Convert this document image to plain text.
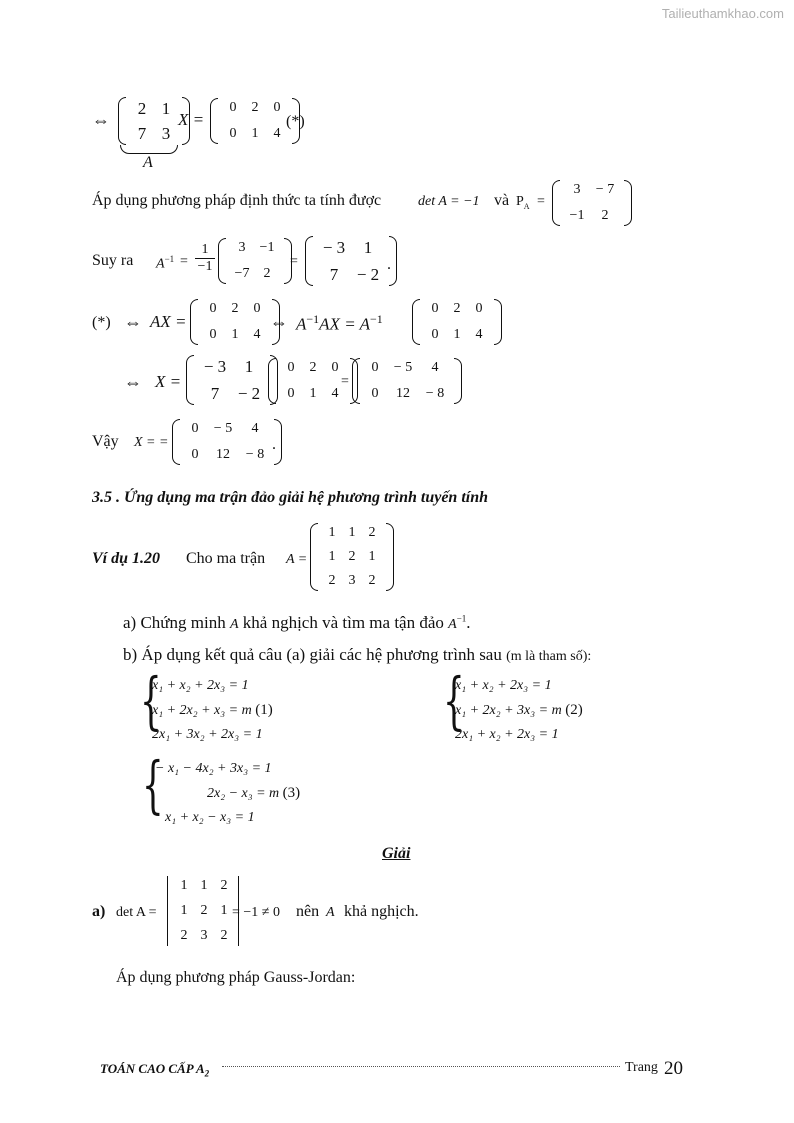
Tailieuthamkhao.com
⇔
2 1
7 3
A
X =
0 2 0
0 1 4
(*)
Áp dụng phương pháp định thức ta tính được	det A = −1 và $P_A$ =
3 − 7
−1 2
Suy ra $A^{-1}$ =
1
−1
3 −1
−7 2
=
− 3 1
7 − 2
.
(*) ⇔ AX =
0 2 0
0 1 4
⇔ $A^{-1}AX = A^{-1}$
0 2 0
0 1 4
⇔ X =
− 3 1
7 − 2
0 2 0
0 1 4
=
0 − 5 4
0 12 − 8
Vậy X = =
0 − 5 4
0 12 − 8
.
3.5 . Ứng dụng ma trận đảo giải hệ phương trình tuyến tính
Ví dụ 1.20 Cho ma trận A =
1 1 2
1 2 1
2 3 2
a) Chứng minh A khả nghịch và tìm ma tận đảo $A^{-1}$.
b) Áp dụng kết quả câu (a) giải các hệ phương trình sau (m là tham số):
{
x₁ + x₂ + 2x₃ = 1
x₁ + 2x₂ + x₃ = m (1)
2x₁ + 3x₂ + 2x₃ = 1	{
x₁ + x₂ + 2x₃ = 1
x₁ + 2x₂ + 3x₃ = m (2)
2x₁ + x₂ + 2x₃ = 1
{
− x₁ − 4x₂ + 3x₃ = 1
2x₂ − x₃ = m (3)
x₁ + x₂ − x₃ = 1
Giải
a) det A =
1 1 2
1 2 1
2 3 2
= −1 ≠ 0 nên A khả nghịch.
Áp dụng phương pháp Gauss-Jordan:
TOÁN CAO CẤP $A_2$	Trang 20
